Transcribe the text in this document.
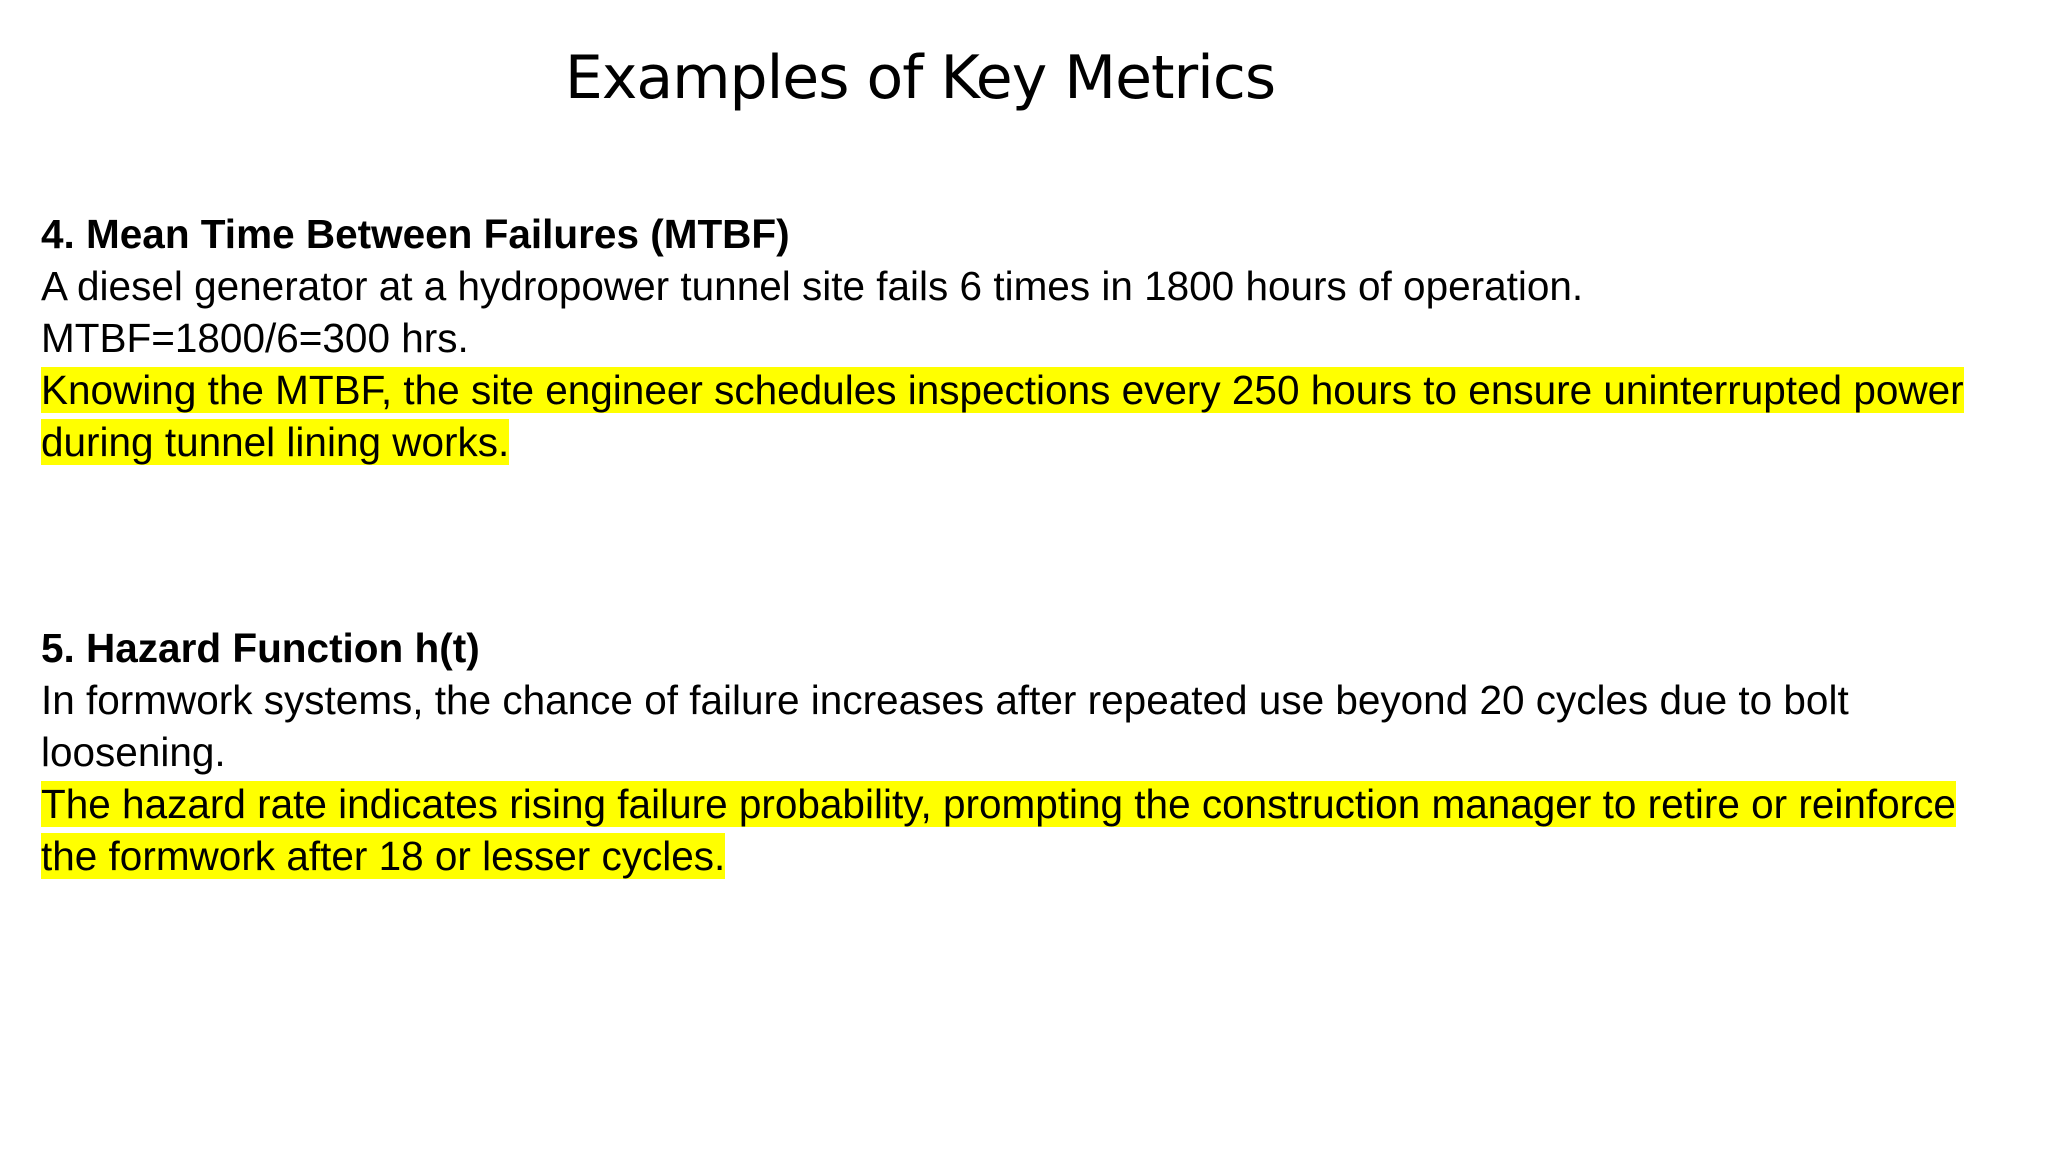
Examples of Key Metrics

4. Mean Time Between Failures (MTBF)

A diesel generator at a hydropower tunnel site fails 6 times in 1800 hours of operation.

MTBF=1800/6=300 hrs.

Knowing the MTBF, the site engineer schedules inspections every 250 hours to ensure uninterrupted power during tunnel lining works.

5. Hazard Function h(t)

In formwork systems, the chance of failure increases after repeated use beyond 20 cycles due to bolt loosening.

The hazard rate indicates rising failure probability, prompting the construction manager to retire or reinforce the formwork after 18 or lesser cycles.
